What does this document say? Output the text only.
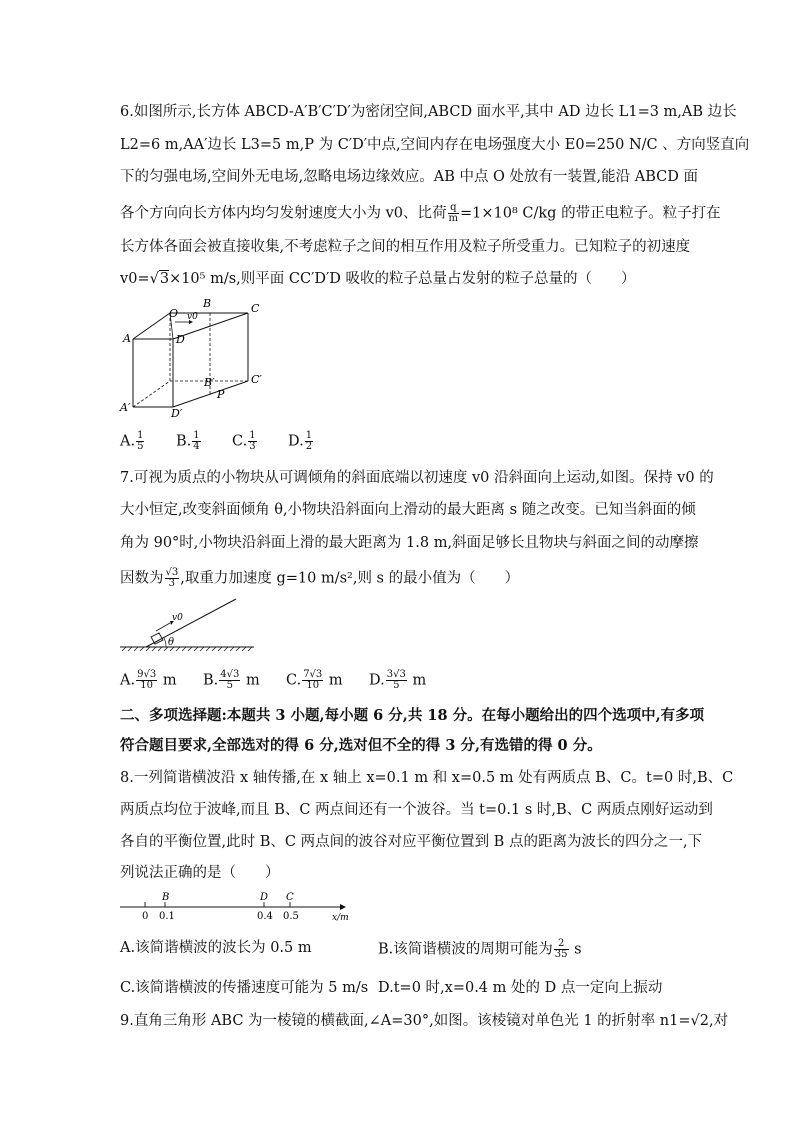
6.如图所示,长方体 ABCD-A′B′C′D′为密闭空间,ABCD 面水平,其中 AD 边长 L1=3 m,AB 边长
L2=6 m,AA′边长 L3=5 m,P 为 C′D′中点,空间内存在电场强度大小 E0=250 N/C 、方向竖直向
下的匀强电场,空间外无电场,忽略电场边缘效应。AB 中点 O 处放有一装置,能沿 ABCD 面
各个方向向长方体内均匀发射速度大小为 v0、比荷 $\frac{q}{m} =1\times 10^8$ C/kg 的带正电粒子。粒子打在
长方体各面会被直接收集,不考虑粒子之间的相互作用及粒子所受重力。已知粒子的初速度
v0=√3×10⁵ m/s,则平面 CC′D′D 吸收的粒子总量占发射的粒子总量的（　　）
A
B	C
D
O v0
A′
B′	C′
D′
P
A. $\frac{1}{5} B$. $\frac{1}{4} C$. $\frac{1}{3} D$. $\frac{1}{2}$
7.可视为质点的小物块从可调倾角的斜面底端以初速度 v0 沿斜面向上运动,如图。保持 v0 的
大小恒定,改变斜面倾角 θ,小物块沿斜面向上滑动的最大距离 s 随之改变。已知当斜面的倾
角为 90°时,小物块沿斜面上滑的最大距离为 1.8 m,斜面足够长且物块与斜面之间的动摩擦
因数为 $\frac{√3}{3}$ ,取重力加速度 g=10 m/s²,则 s 的最小值为（　　）
v0
θ
A. $\frac{9√3}{10}$ m B. $\frac{4√3}{5}$ m C. $\frac{7√3}{10}$ m D. $\frac{3√3}{5}$ m
二、多项选择题:本题共 3 小题,每小题 6 分,共 18 分。在每小题给出的四个选项中,有多项
符合题目要求,全部选对的得 6 分,选对但不全的得 3 分,有选错的得 0 分。
8.一列简谐横波沿 x 轴传播,在 x 轴上 x=0.1 m 和 x=0.5 m 处有两质点 B、C。t=0 时,B、C
两质点均位于波峰,而且 B、C 两点间还有一个波谷。当 t=0.1 s 时,B、C 两质点刚好运动到
各自的平衡位置,此时 B、C 两点间的波谷对应平衡位置到 B 点的距离为波长的四分之一,下
列说法正确的是（　　）
B	D C
0 0.1	0.4 0.5	x/m
A.该简谐横波的波长为 0.5 m	B.该简谐横波的周期可能为 $\frac{2}{35}$ s
C.该简谐横波的传播速度可能为 5 m/s D.t=0 时,x=0.4 m 处的 D 点一定向上振动
9.直角三角形 ABC 为一棱镜的横截面,∠A=30°,如图。该棱镜对单色光 1 的折射率 n1=√2,对
